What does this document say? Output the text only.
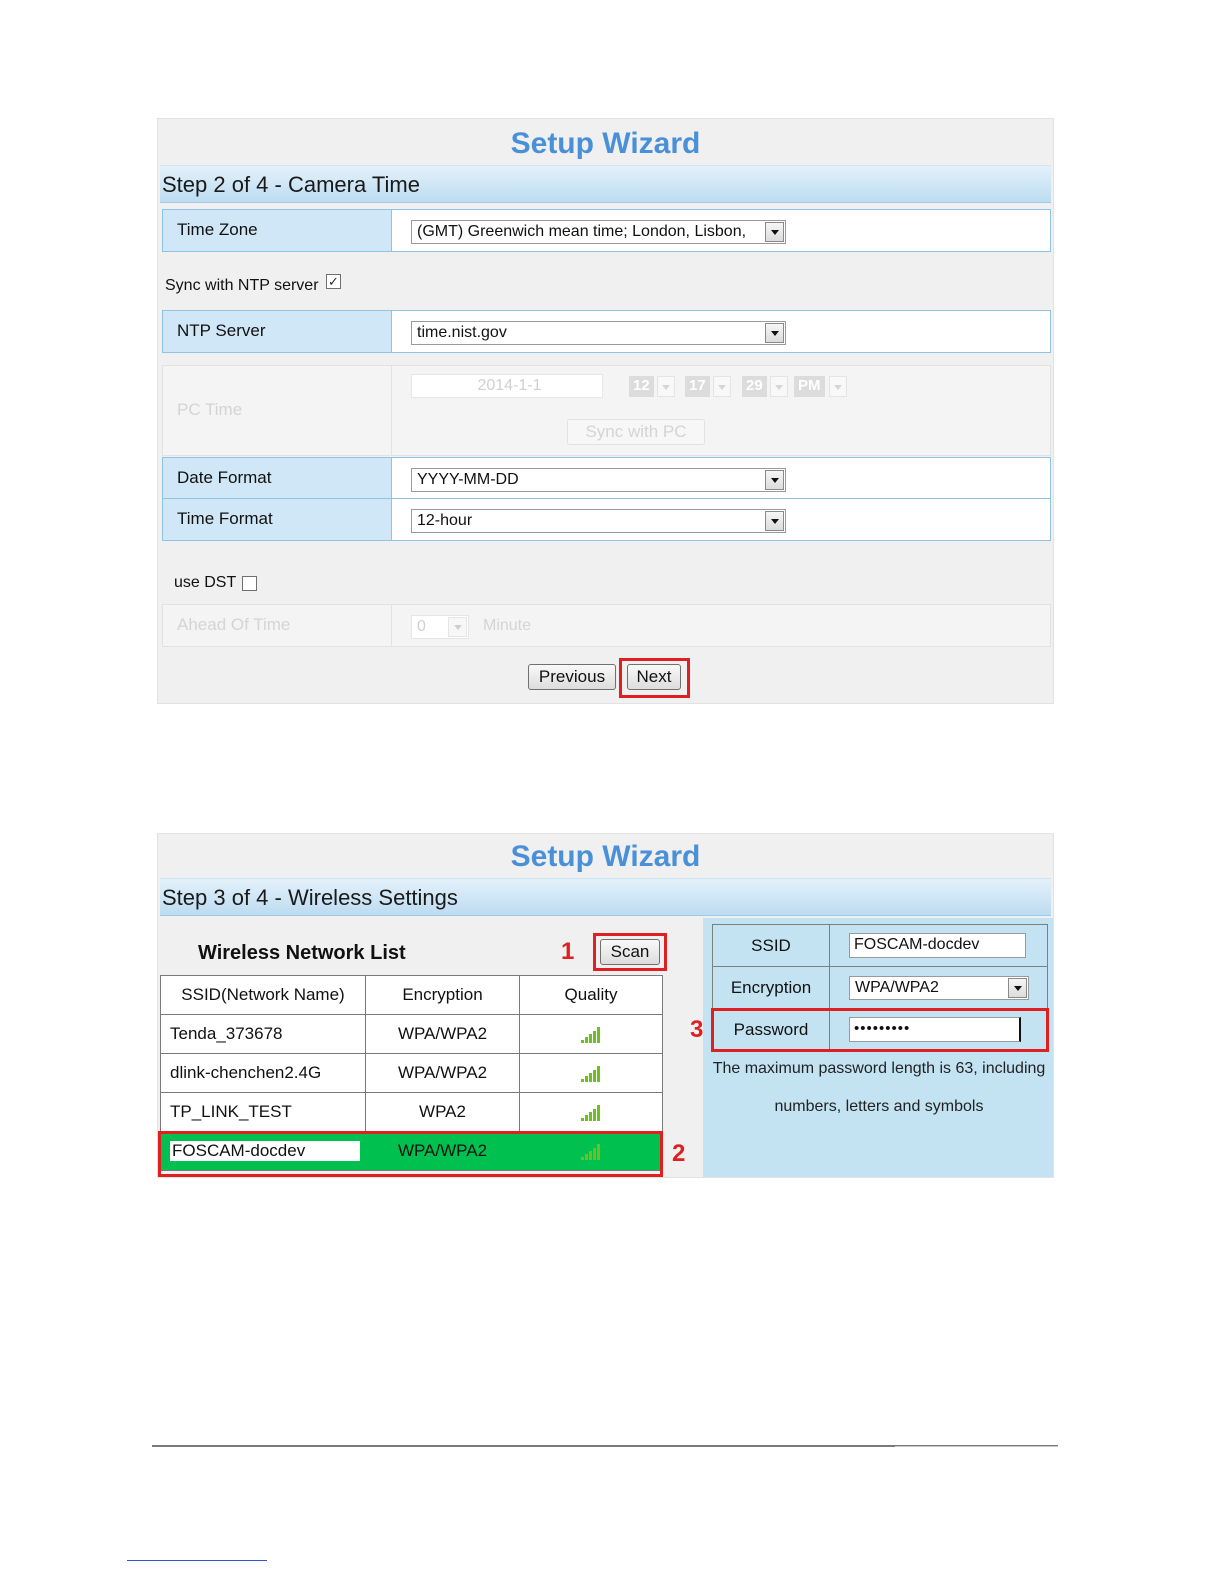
Setup Wizard
Step 2 of 4 - Camera Time
Time Zone	(GMT) Greenwich mean time; London, Lisbon,
Sync with NTP server ✓
NTP Server	time.nist.gov
PC Time
2014-1-1	12	17	29 PM
Sync with PC
Date Format	YYYY-MM-DD
Time Format	12-hour
use DST
Ahead Of Time	0	Minute
Previous	Next
Setup Wizard
Step 3 of 4 - Wireless Settings
Wireless Network List	1	Scan
SSID(Network Name)	Encryption	Quality
Tenda_373678	WPA/WPA2	

dlink-chenchen2.4G	WPA/WPA2	

TP_LINK_TEST	WPA2	

FOSCAM-docdev	WPA/WPA2		2
SSID	FOSCAM-docdev

Encryption	WPA/WPA2

Password	•••••••••
3
The maximum password length is 63, including
numbers, letters and symbols
